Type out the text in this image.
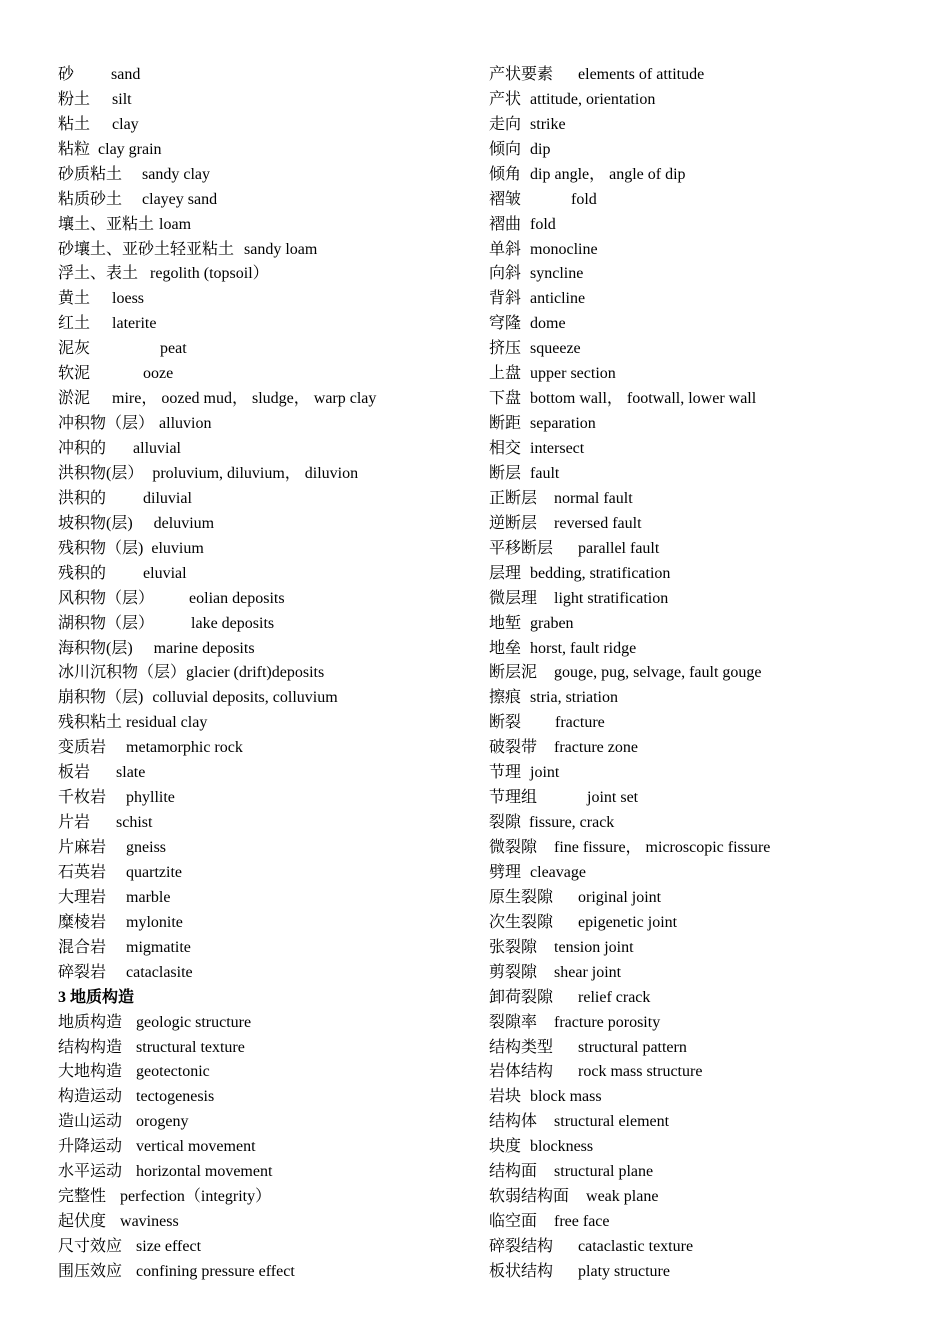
砂 sand
粉土 silt
粘土 clay
粘粒 clay grain
砂质粘土 sandy clay
粘质砂土 clayey sand
壤土、亚粘土 loam
砂壤土、亚砂土轻亚粘土 sandy loam
浮土、表土 regolith (topsoil）
黄土 loess
红土 laterite
泥灰	peat
软泥	ooze
淤泥 mire， oozed mud， sludge， warp clay
冲积物（层） alluvion
冲积的 alluvial
洪积物(层） proluvium, diluvium， diluvion
洪积的 diluvial
坡积物(层) deluvium
残积物（层) eluvium
残积的 eluvial
风积物（层） eolian deposits
湖积物（层） lake deposits
海积物(层) marine deposits
冰川沉积物（层） glacier (drift)deposits
崩积物（层) colluvial deposits, colluvium
残积粘土 residual clay
变质岩 metamorphic rock
板岩 slate
千枚岩 phyllite
片岩 schist
片麻岩 gneiss
石英岩 quartzite
大理岩 marble
糜棱岩 mylonite
混合岩 migmatite
碎裂岩 cataclasite
3 地质构造
地质构造 geologic structure
结构构造 structural texture
大地构造 geotectonic
构造运动 tectogenesis
造山运动 orogeny
升降运动 vertical movement
水平运动 horizontal movement
完整性 perfection（integrity）
起伏度 waviness
尺寸效应 size effect
围压效应 confining pressure effect
产状要素 elements of attitude
产状 attitude, orientation
走向 strike
倾向 dip
倾角 dip angle， angle of dip
褶皱	fold
褶曲 fold
单斜 monocline
向斜 syncline
背斜 anticline
穹隆 dome
挤压 squeeze
上盘 upper section
下盘 bottom wall， footwall, lower wall
断距 separation
相交 intersect
断层 fault
正断层 normal fault
逆断层 reversed fault
平移断层 parallel fault
层理 bedding, stratification
微层理 light stratification
地堑 graben
地垒 horst, fault ridge
断层泥 gouge, pug, selvage, fault gouge
擦痕 stria, striation
断裂 fracture
破裂带 fracture zone
节理 joint
节理组	joint set
裂隙 fissure, crack
微裂隙 fine fissure， microscopic fissure
劈理 cleavage
原生裂隙 original joint
次生裂隙 epigenetic joint
张裂隙 tension joint
剪裂隙 shear joint
卸荷裂隙 relief crack
裂隙率 fracture porosity
结构类型 structural pattern
岩体结构 rock mass structure
岩块 block mass
结构体 structural element
块度 blockness
结构面 structural plane
软弱结构面 weak plane
临空面 free face
碎裂结构 cataclastic texture
板状结构 platy structure
